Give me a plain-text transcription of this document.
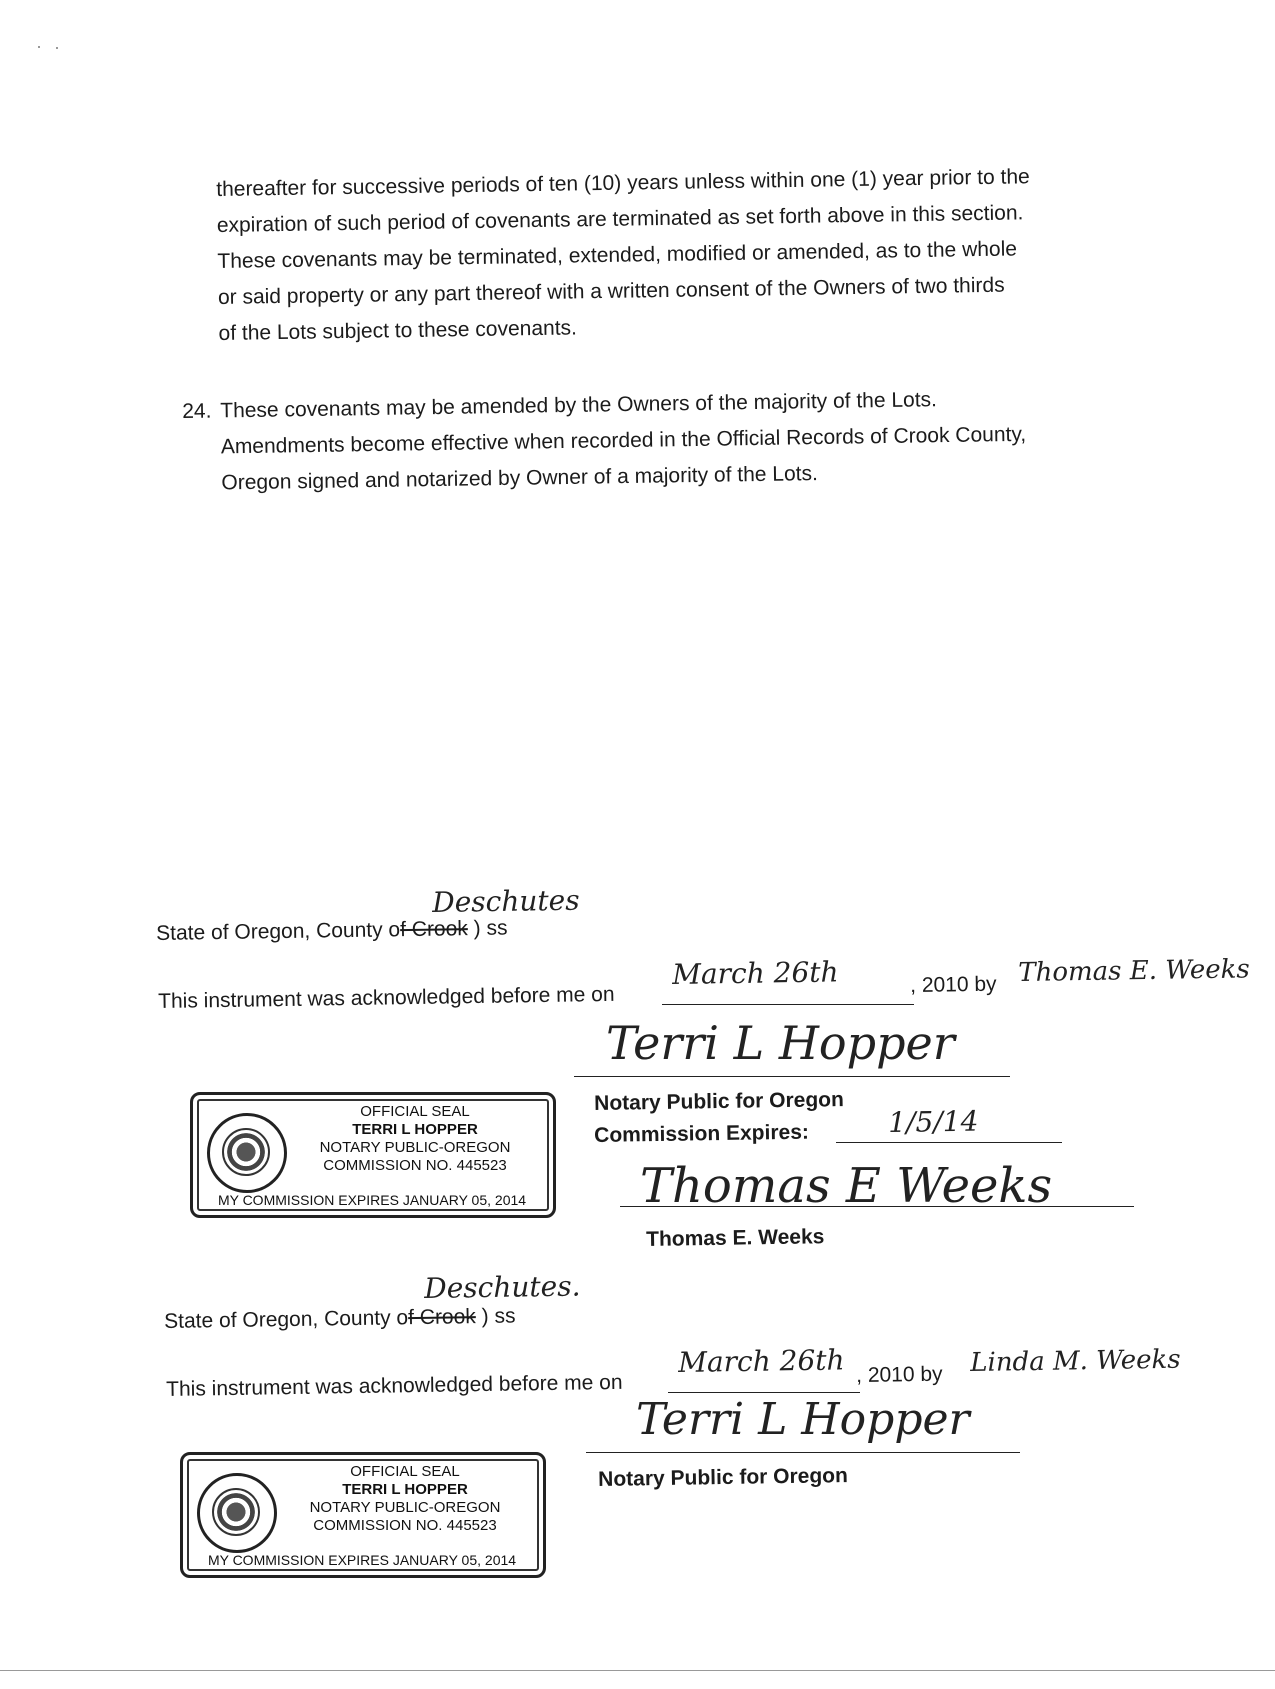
thereafter for successive periods of ten (10) years unless within one (1) year prior to the
expiration of such period of covenants are terminated as set forth above in this section.
These covenants may be terminated, extended, modified or amended, as to the whole
or said property or any part thereof with a written consent of the Owners of two thirds
of the Lots subject to these covenants.
24. These covenants may be amended by the Owners of the majority of the Lots.
Amendments become effective when recorded in the Official Records of Crook County,
Oregon signed and notarized by Owner of a majority of the Lots.
Deschutes
State of Oregon, County of Crook ) ss
This instrument was acknowledged before me on
March 26th	, 2010 by Thomas E. Weeks
Terri L Hopper
OFFICIAL SEAL
TERRI L HOPPER
NOTARY PUBLIC-OREGON
COMMISSION NO. 445523
MY COMMISSION EXPIRES JANUARY 05, 2014
Notary Public for Oregon
Commission Expires:	1/5/14
Thomas E Weeks
Thomas E. Weeks
Deschutes.
State of Oregon, County of Crook ) ss
This instrument was acknowledged before me on
March 26th , 2010 by Linda M. Weeks
Terri L Hopper
OFFICIAL SEAL
TERRI L HOPPER
NOTARY PUBLIC-OREGON
COMMISSION NO. 445523
MY COMMISSION EXPIRES JANUARY 05, 2014
Notary Public for Oregon
